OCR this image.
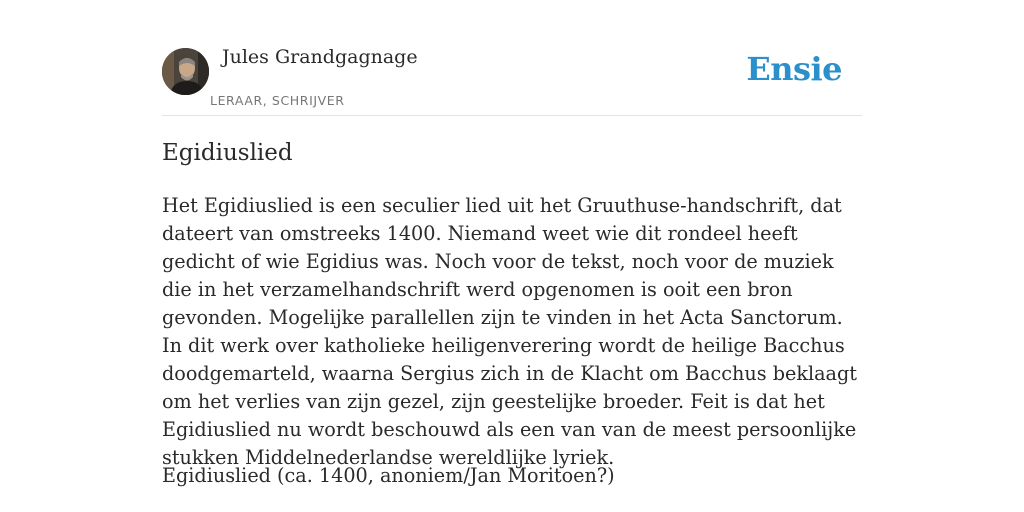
Jules Grandgagnage
LERAAR, SCHRIJVER
Ensie
Egidiuslied

Het Egidiuslied is een seculier lied uit het Gruuthuse-handschrift, dat dateert van omstreeks 1400. Niemand weet wie dit rondeel heeft gedicht of wie Egidius was. Noch voor de tekst, noch voor de muziek die in het verzamelhandschrift werd opgenomen is ooit een bron gevonden. Mogelijke parallellen zijn te vinden in het Acta Sanctorum. In dit werk over katholieke heiligenverering wordt de heilige Bacchus doodgemarteld, waarna Sergius zich in de Klacht om Bacchus beklaagt om het verlies van zijn gezel, zijn geestelijke broeder. Feit is dat het Egidiuslied nu wordt beschouwd als een van van de meest persoonlijke stukken Middelnederlandse wereldlijke lyriek.

Egidiuslied (ca. 1400, anoniem/Jan Moritoen?)
